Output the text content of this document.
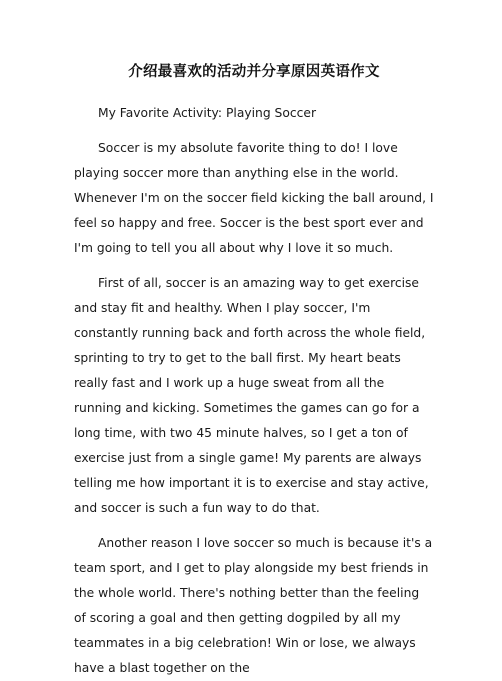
介绍最喜欢的活动并分享原因英语作文

My Favorite Activity: Playing Soccer

Soccer is my absolute favorite thing to do! I love playing soccer more than anything else in the world. Whenever I'm on the soccer field kicking the ball around, I feel so happy and free. Soccer is the best sport ever and I'm going to tell you all about why I love it so much.

First of all, soccer is an amazing way to get exercise and stay fit and healthy. When I play soccer, I'm constantly running back and forth across the whole field, sprinting to try to get to the ball first. My heart beats really fast and I work up a huge sweat from all the running and kicking. Sometimes the games can go for a long time, with two 45 minute halves, so I get a ton of exercise just from a single game! My parents are always telling me how important it is to exercise and stay active, and soccer is such a fun way to do that.

Another reason I love soccer so much is because it's a team sport, and I get to play alongside my best friends in the whole world. There's nothing better than the feeling of scoring a goal and then getting dogpiled by all my teammates in a big celebration! Win or lose, we always have a blast together on the
